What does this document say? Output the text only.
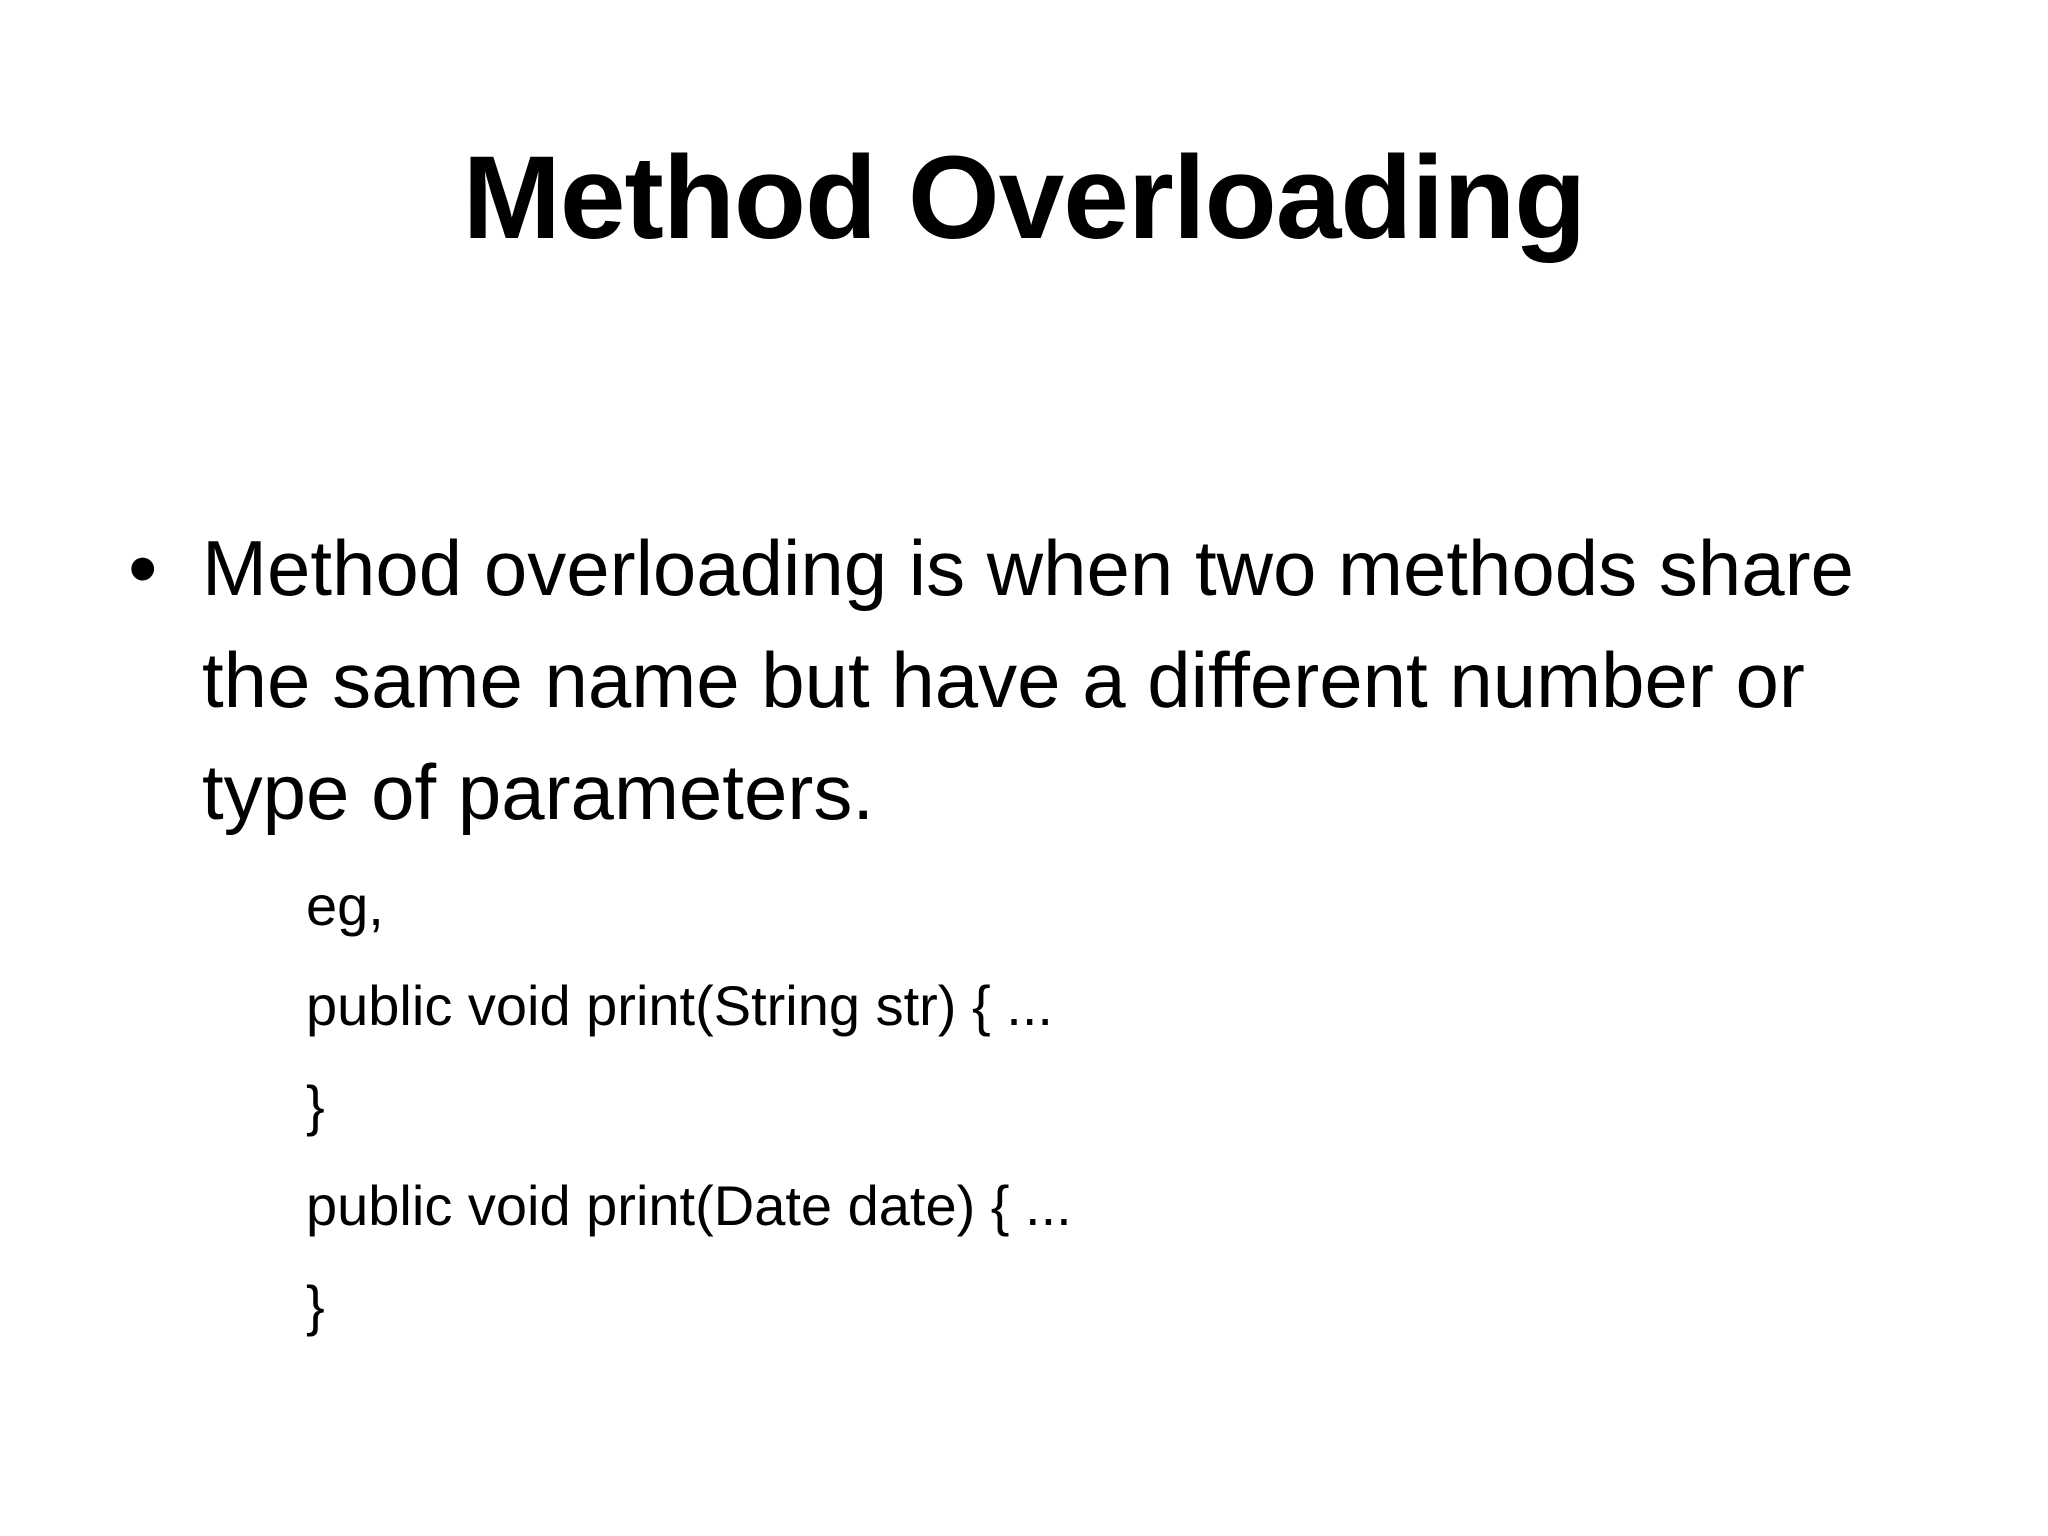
Method Overloading
• Method overloading is when two methods share the same name but have a different number or type of parameters.
eg,
public void print(String str) { ...
}
public void print(Date date) { ...
}
